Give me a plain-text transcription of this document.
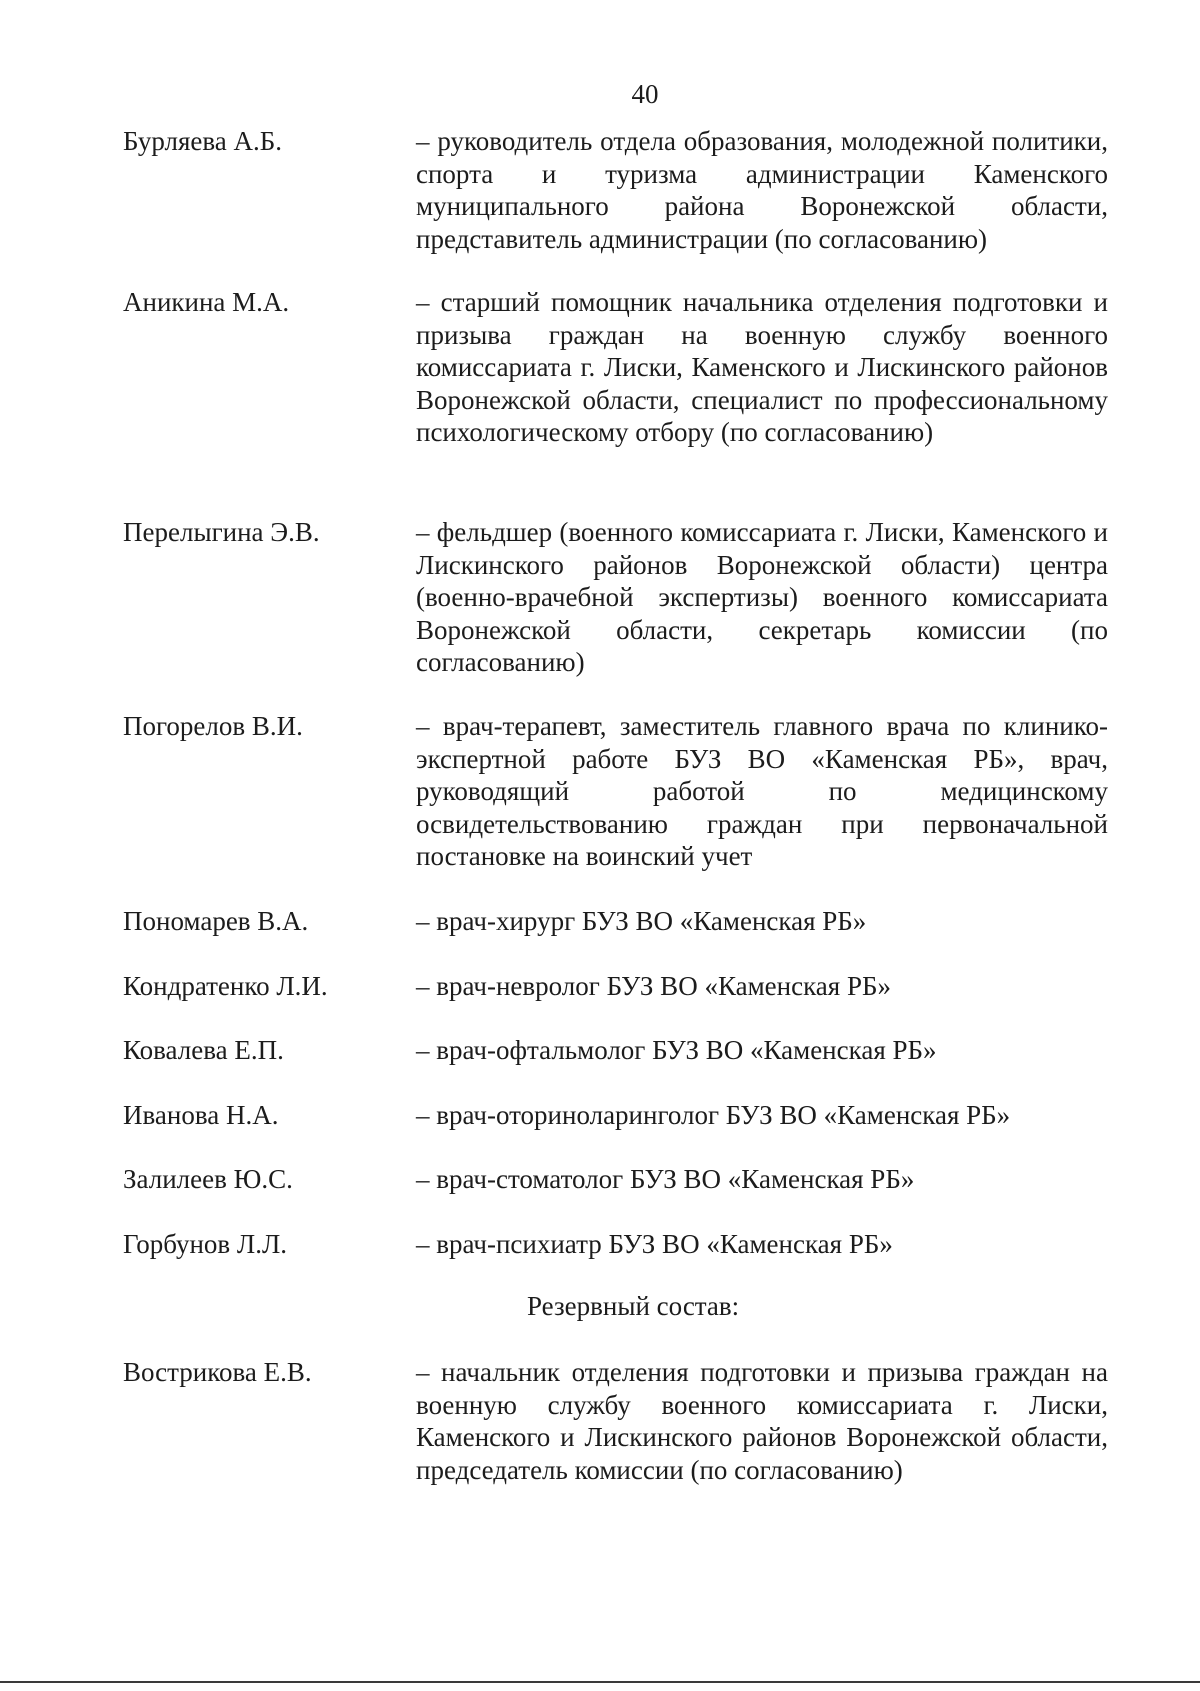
40
Бурляева А.Б.	– руководитель отдела образования, молодежной политики, спорта и туризма администрации Каменского муниципального района Воронежской области, представитель администрации (по согласованию)
Аникина М.А.	– старший помощник начальника отделения подготовки и призыва граждан на военную службу военного комиссариата г. Лиски, Каменского и Лискинского районов Воронежской области, специалист по профессиональному психологическому отбору (по согласованию)
Перелыгина Э.В.	– фельдшер (военного комиссариата г. Лиски, Каменского и Лискинского районов Воронежской области) центра (военно-врачебной экспертизы) военного комиссариата Воронежской области, секретарь комиссии (по согласованию)
Погорелов В.И.	– врач-терапевт, заместитель главного врача по клинико-экспертной работе БУЗ ВО «Каменская РБ», врач, руководящий работой по медицинскому освидетельствованию граждан при первоначальной постановке на воинский учет
Пономарев В.А.	– врач-хирург БУЗ ВО «Каменская РБ»
Кондратенко Л.И.	– врач-невролог БУЗ ВО «Каменская РБ»
Ковалева Е.П.	– врач-офтальмолог БУЗ ВО «Каменская РБ»
Иванова Н.А.	– врач-оториноларинголог БУЗ ВО «Каменская РБ»
Залилеев Ю.С.	– врач-стоматолог БУЗ ВО «Каменская РБ»
Горбунов Л.Л.	– врач-психиатр БУЗ ВО «Каменская РБ»
Резервный состав:
Вострикова Е.В.	– начальник отделения подготовки и призыва граждан на военную службу военного комиссариата г. Лиски, Каменского и Лискинского районов Воронежской области, председатель комиссии (по согласованию)
